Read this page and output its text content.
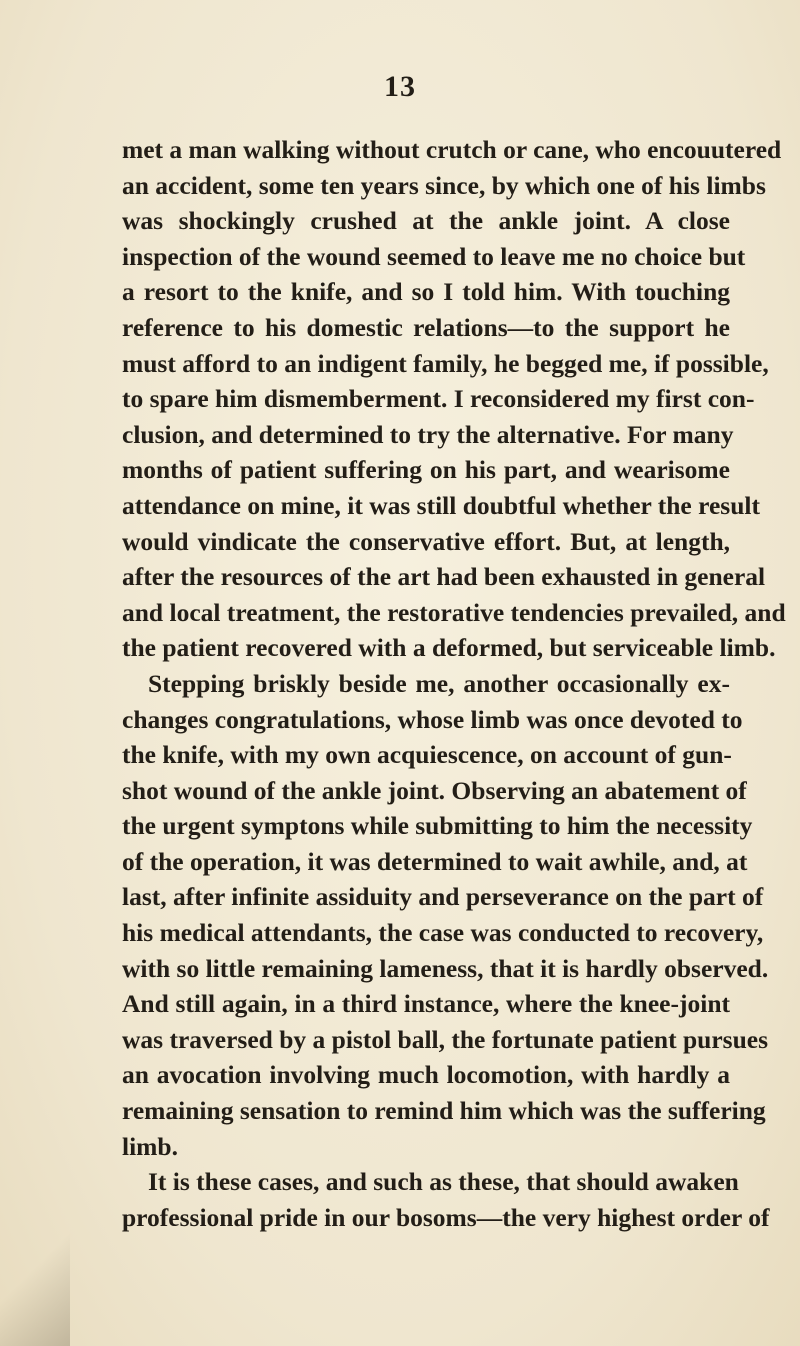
13
met a man walking without crutch or cane, who encouutered
an accident, some ten years since, by which one of his limbs
was shockingly crushed at the ankle joint. A close
inspection of the wound seemed to leave me no choice but
a resort to the knife, and so I told him. With touching
reference to his domestic relations—to the support he
must afford to an indigent family, he begged me, if possible,
to spare him dismemberment. I reconsidered my first con-
clusion, and determined to try the alternative. For many
months of patient suffering on his part, and wearisome
attendance on mine, it was still doubtful whether the result
would vindicate the conservative effort. But, at length,
after the resources of the art had been exhausted in general
and local treatment, the restorative tendencies prevailed, and
the patient recovered with a deformed, but serviceable limb.
Stepping briskly beside me, another occasionally ex-
changes congratulations, whose limb was once devoted to
the knife, with my own acquiescence, on account of gun-
shot wound of the ankle joint. Observing an abatement of
the urgent symptons while submitting to him the necessity
of the operation, it was determined to wait awhile, and, at
last, after infinite assiduity and perseverance on the part of
his medical attendants, the case was conducted to recovery,
with so little remaining lameness, that it is hardly observed.
And still again, in a third instance, where the knee-joint
was traversed by a pistol ball, the fortunate patient pursues
an avocation involving much locomotion, with hardly a
remaining sensation to remind him which was the suffering
limb.
It is these cases, and such as these, that should awaken
professional pride in our bosoms—the very highest order of
